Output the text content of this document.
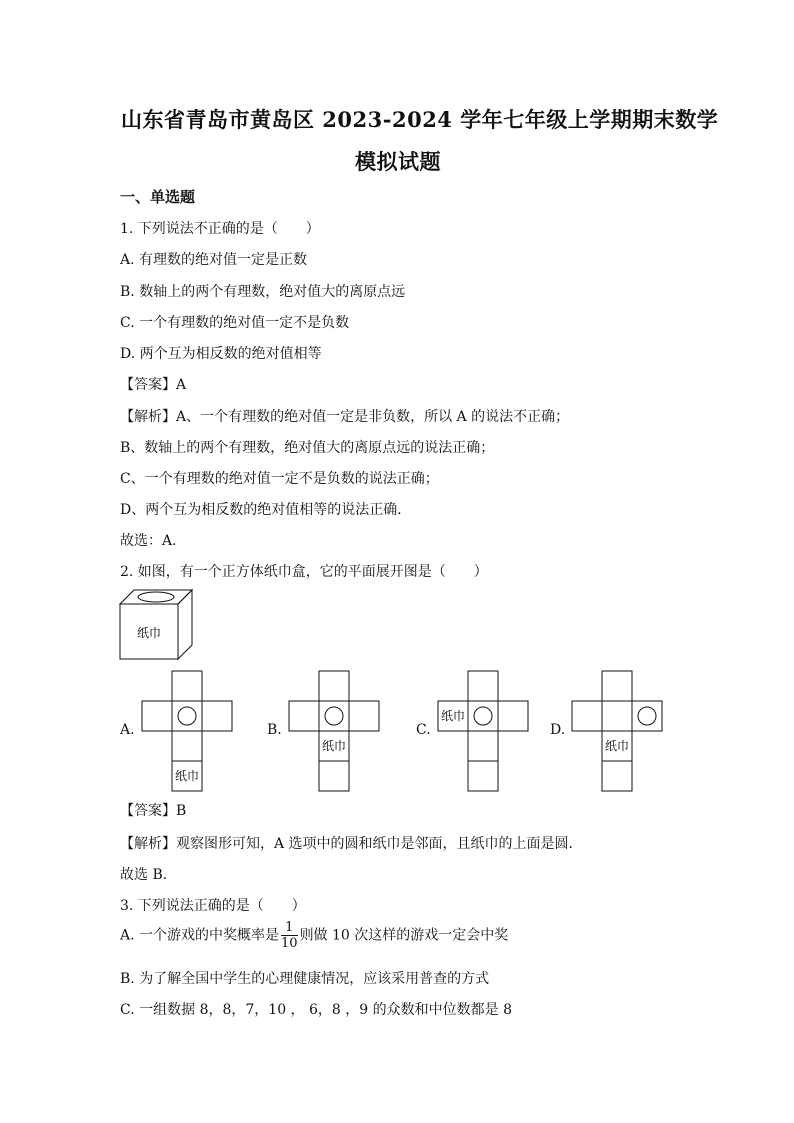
山东省青岛市黄岛区 2023-2024 学年七年级上学期期末数学
模拟试题
一、单选题
1. 下列说法不正确的是（　　）
A. 有理数的绝对值一定是正数
B. 数轴上的两个有理数，绝对值大的离原点远
C. 一个有理数的绝对值一定不是负数
D. 两个互为相反数的绝对值相等
【答案】A
【解析】A、一个有理数的绝对值一定是非负数，所以 A 的说法不正确；
B、数轴上的两个有理数，绝对值大的离原点远的说法正确；
C、一个有理数的绝对值一定不是负数的说法正确；
D、两个互为相反数的绝对值相等的说法正确．
故选：A．
2. 如图，有一个正方体纸巾盒，它的平面展开图是（　　）
纸巾
A.
纸巾
B.
纸巾
C.
纸巾
D.
纸巾
【答案】B
【解析】观察图形可知，A 选项中的圆和纸巾是邻面，且纸巾的上面是圆．
故选 B．
3. 下列说法正确的是（　　）
A. 一个游戏的中奖概率是 $\frac{1}{10}$ 则做 10 次这样的游戏一定会中奖
B. 为了解全国中学生的心理健康情况，应该采用普查的方式
C. 一组数据 8，8，7，10 ， 6，8 ，9 的众数和中位数都是 8
